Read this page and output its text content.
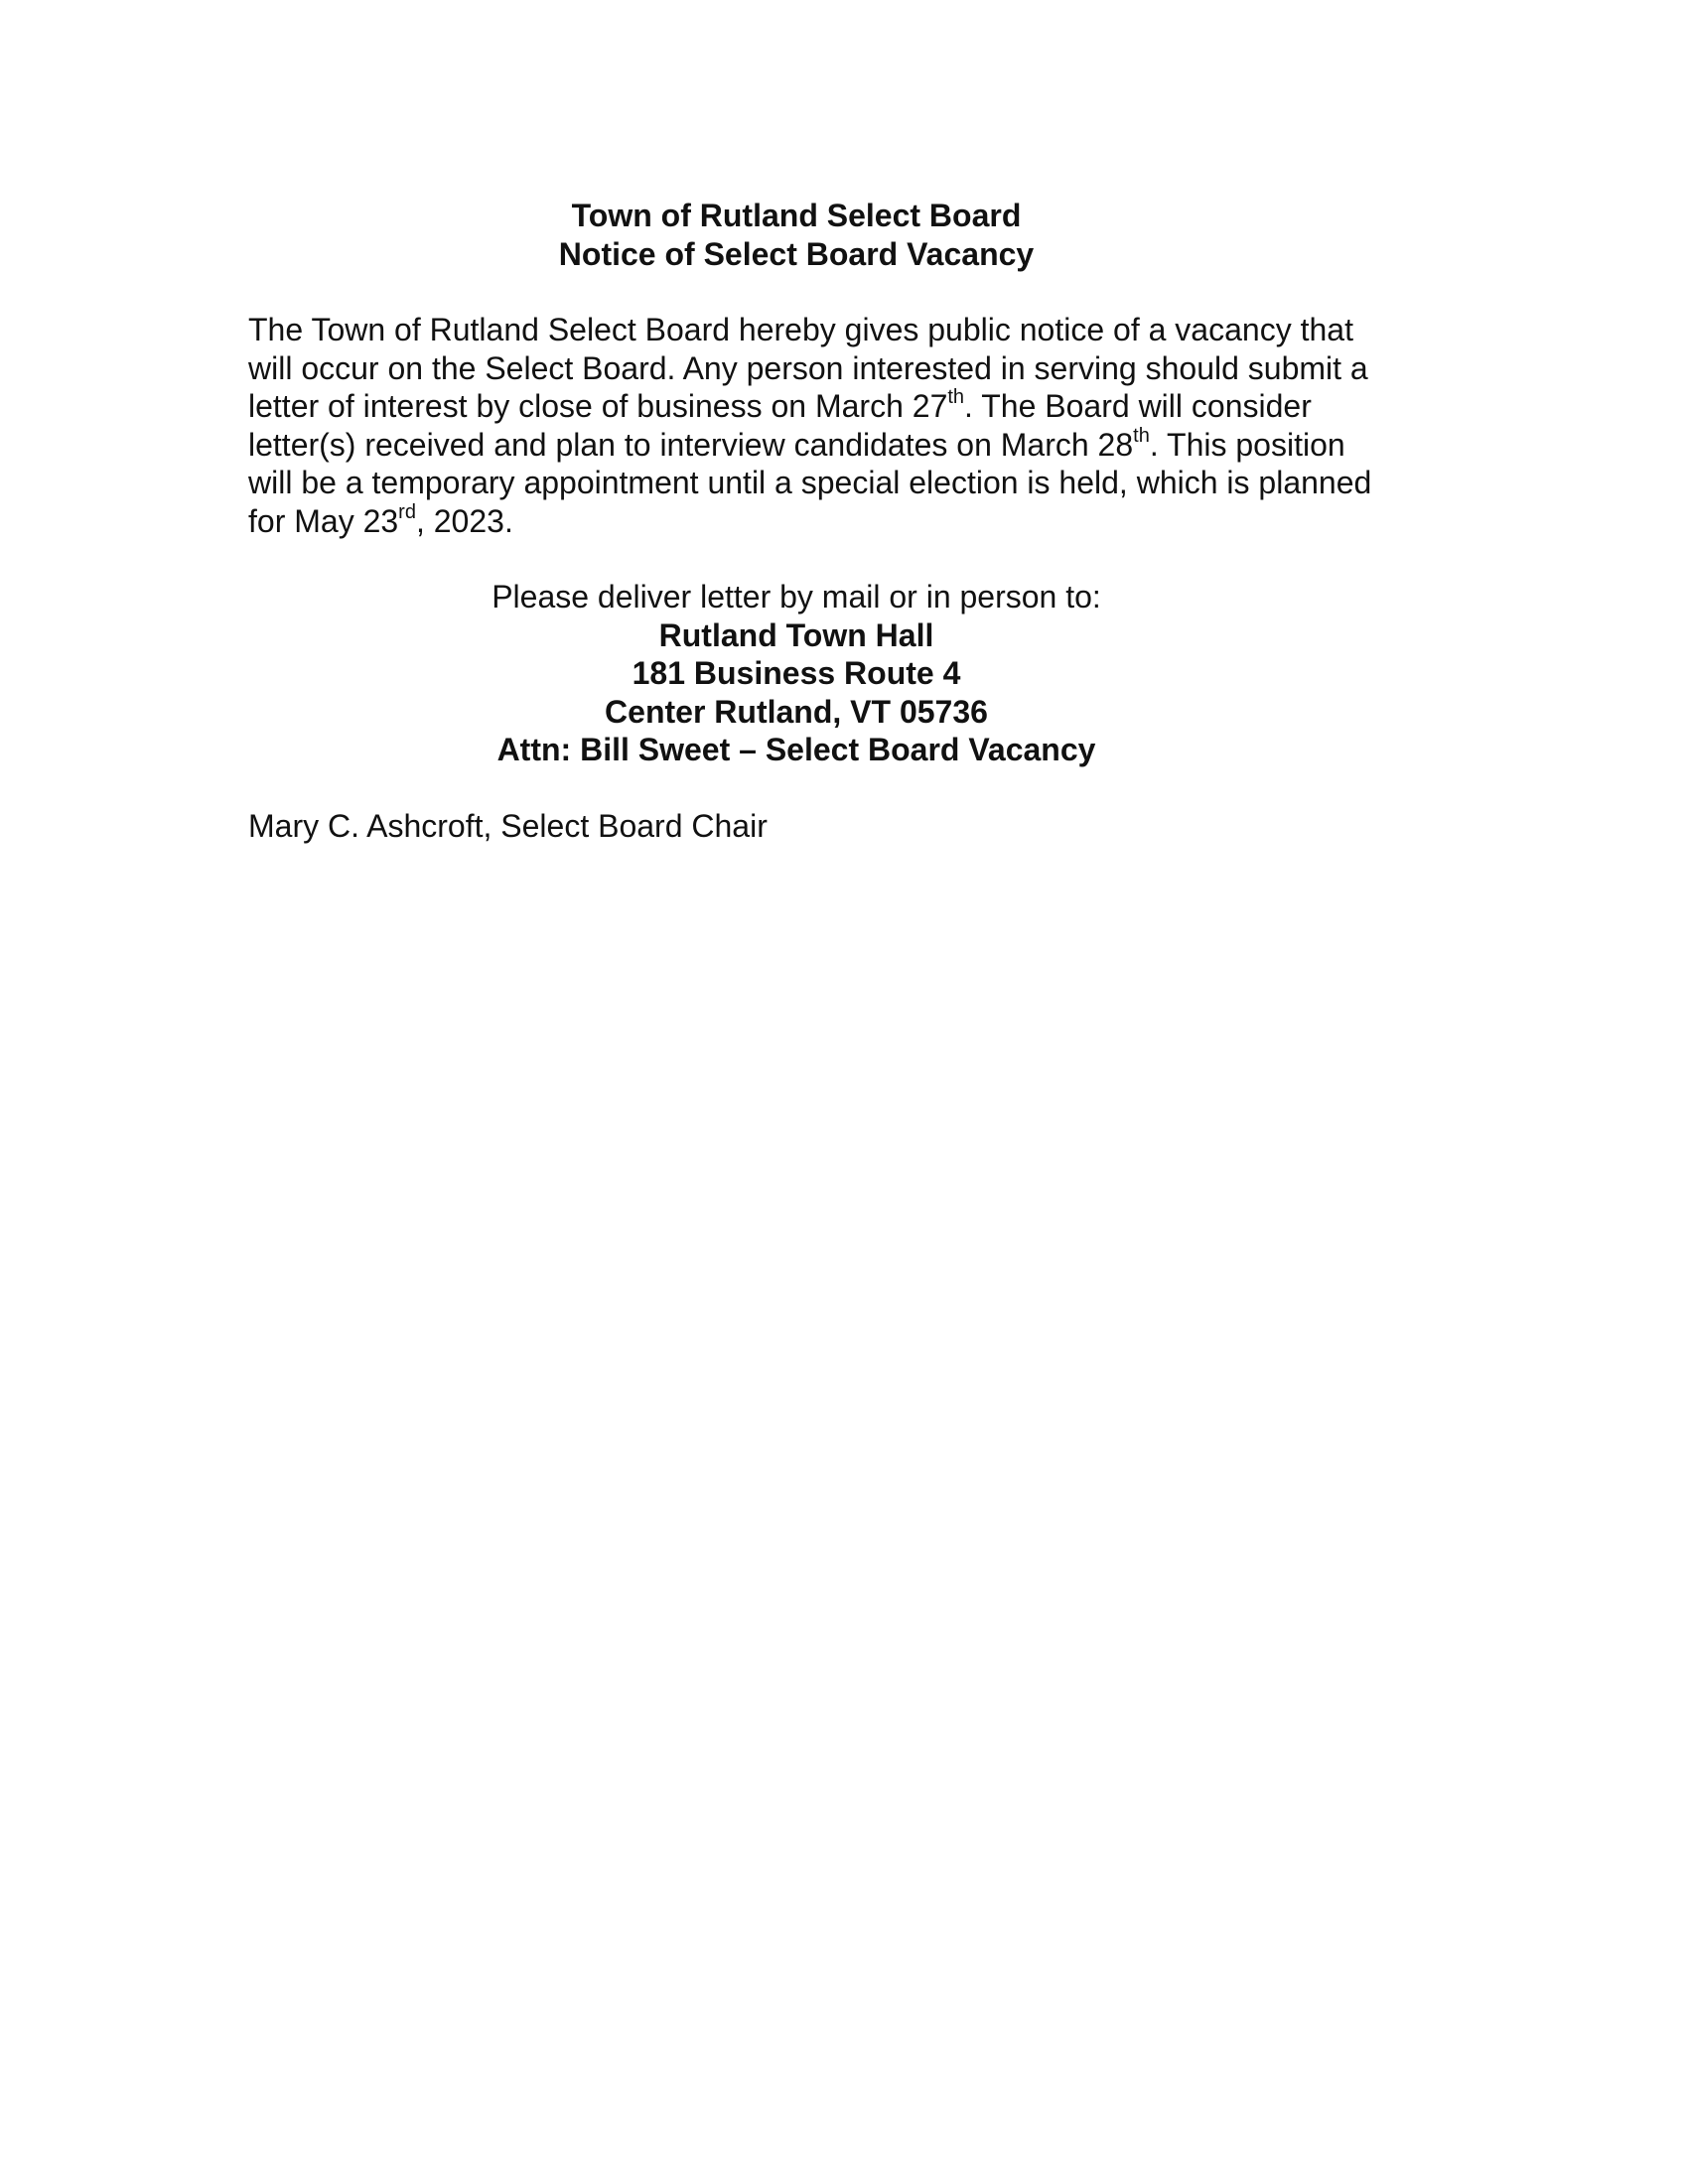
Town of Rutland Select Board
Notice of Select Board Vacancy
The Town of Rutland Select Board hereby gives public notice of a vacancy that
will occur on the Select Board. Any person interested in serving should submit a
letter of interest by close of business on March 27th. The Board will consider
letter(s) received and plan to interview candidates on March 28th. This position
will be a temporary appointment until a special election is held, which is planned
for May 23rd, 2023.
Please deliver letter by mail or in person to:
Rutland Town Hall
181 Business Route 4
Center Rutland, VT 05736
Attn: Bill Sweet – Select Board Vacancy
Mary C. Ashcroft, Select Board Chair
